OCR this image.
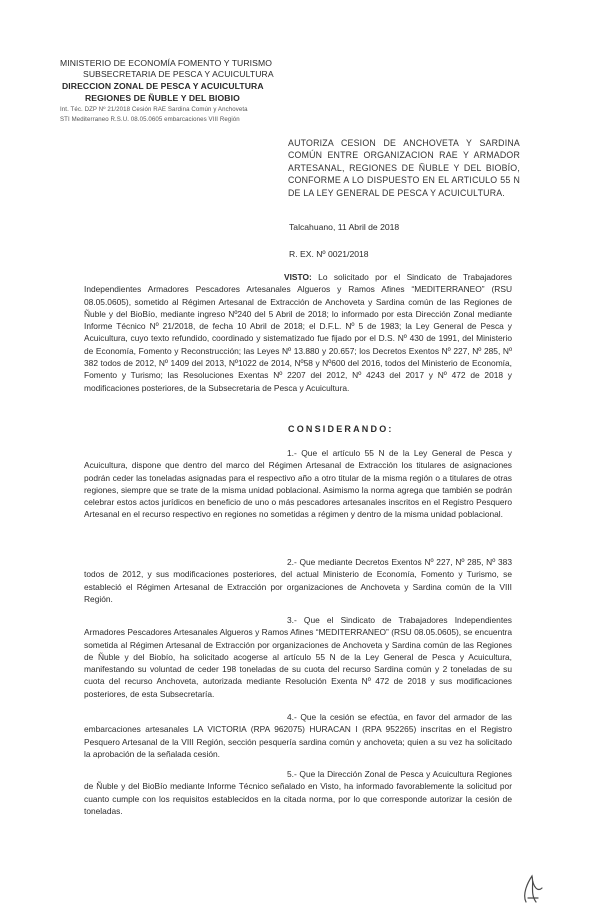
MINISTERIO DE ECONOMÍA FOMENTO Y TURISMO
SUBSECRETARIA DE PESCA Y ACUICULTURA
DIRECCION ZONAL DE PESCA Y ACUICULTURA
REGIONES DE ÑUBLE Y DEL BIOBIO
Int. Téc. DZP Nº 21/2018 Cesión RAE Sardina Común y Anchoveta
STI Mediterraneo R.S.U. 08.05.0605 embarcaciones VIII Región
AUTORIZA CESION DE ANCHOVETA Y SARDINA COMÚN ENTRE ORGANIZACION RAE Y ARMADOR ARTESANAL, REGIONES DE ÑUBLE Y DEL BIOBÍO, CONFORME A LO DISPUESTO EN EL ARTICULO 55 N DE LA LEY GENERAL DE PESCA Y ACUICULTURA.
Talcahuano, 11 Abril de 2018
R. EX. Nº 0021/2018
VISTO: Lo solicitado por el Sindicato de Trabajadores Independientes Armadores Pescadores Artesanales Algueros y Ramos Afines “MEDITERRANEO” (RSU 08.05.0605), sometido al Régimen Artesanal de Extracción de Anchoveta y Sardina común de las Regiones de Ñuble y del BioBío, mediante ingreso Nº240 del 5 Abril de 2018; lo informado por esta Dirección Zonal mediante Informe Técnico Nº 21/2018, de fecha 10 Abril de 2018; el D.F.L. Nº 5 de 1983; la Ley General de Pesca y Acuicultura, cuyo texto refundido, coordinado y sistematizado fue fijado por el D.S. Nº 430 de 1991, del Ministerio de Economía, Fomento y Reconstrucción; las Leyes Nº 13.880 y 20.657; los Decretos Exentos Nº 227, Nº 285, Nº 382 todos de 2012, Nº 1409 del 2013, Nº1022 de 2014, Nº58 y Nº600 del 2016, todos del Ministerio de Economía, Fomento y Turismo; las Resoluciones Exentas Nº 2207 del 2012, Nº 4243 del 2017 y Nº 472 de 2018 y modificaciones posteriores, de la Subsecretaria de Pesca y Acuicultura.
CONSIDERANDO:
1.- Que el artículo 55 N de la Ley General de Pesca y Acuicultura, dispone que dentro del marco del Régimen Artesanal de Extracción los titulares de asignaciones podrán ceder las toneladas asignadas para el respectivo año a otro titular de la misma región o a titulares de otras regiones, siempre que se trate de la misma unidad poblacional. Asimismo la norma agrega que también se podrán celebrar estos actos jurídicos en beneficio de uno o más pescadores artesanales inscritos en el Registro Pesquero Artesanal en el recurso respectivo en regiones no sometidas a régimen y dentro de la misma unidad poblacional.
2.- Que mediante Decretos Exentos Nº 227, Nº 285, Nº 383 todos de 2012, y sus modificaciones posteriores, del actual Ministerio de Economía, Fomento y Turismo, se estableció el Régimen Artesanal de Extracción por organizaciones de Anchoveta y Sardina común de la VIII Región.
3.- Que el Sindicato de Trabajadores Independientes Armadores Pescadores Artesanales Algueros y Ramos Afines “MEDITERRANEO” (RSU 08.05.0605), se encuentra sometida al Régimen Artesanal de Extracción por organizaciones de Anchoveta y Sardina común de las Regiones de Ñuble y del Biobío, ha solicitado acogerse al artículo 55 N de la Ley General de Pesca y Acuicultura, manifestando su voluntad de ceder 198 toneladas de su cuota del recurso Sardina común y 2 toneladas de su cuota del recurso Anchoveta, autorizada mediante Resolución Exenta Nº 472 de 2018 y sus modificaciones posteriores, de esta Subsecretaría.
4.- Que la cesión se efectúa, en favor del armador de las embarcaciones artesanales LA VICTORIA (RPA 962075) HURACAN I (RPA 952265) inscritas en el Registro Pesquero Artesanal de la VIII Región, sección pesquería sardina común y anchoveta; quien a su vez ha solicitado la aprobación de la señalada cesión.
5.- Que la Dirección Zonal de Pesca y Acuicultura Regiones de Ñuble y del BioBío mediante Informe Técnico señalado en Visto, ha informado favorablemente la solicitud por cuanto cumple con los requisitos establecidos en la citada norma, por lo que corresponde autorizar la cesión de toneladas.
